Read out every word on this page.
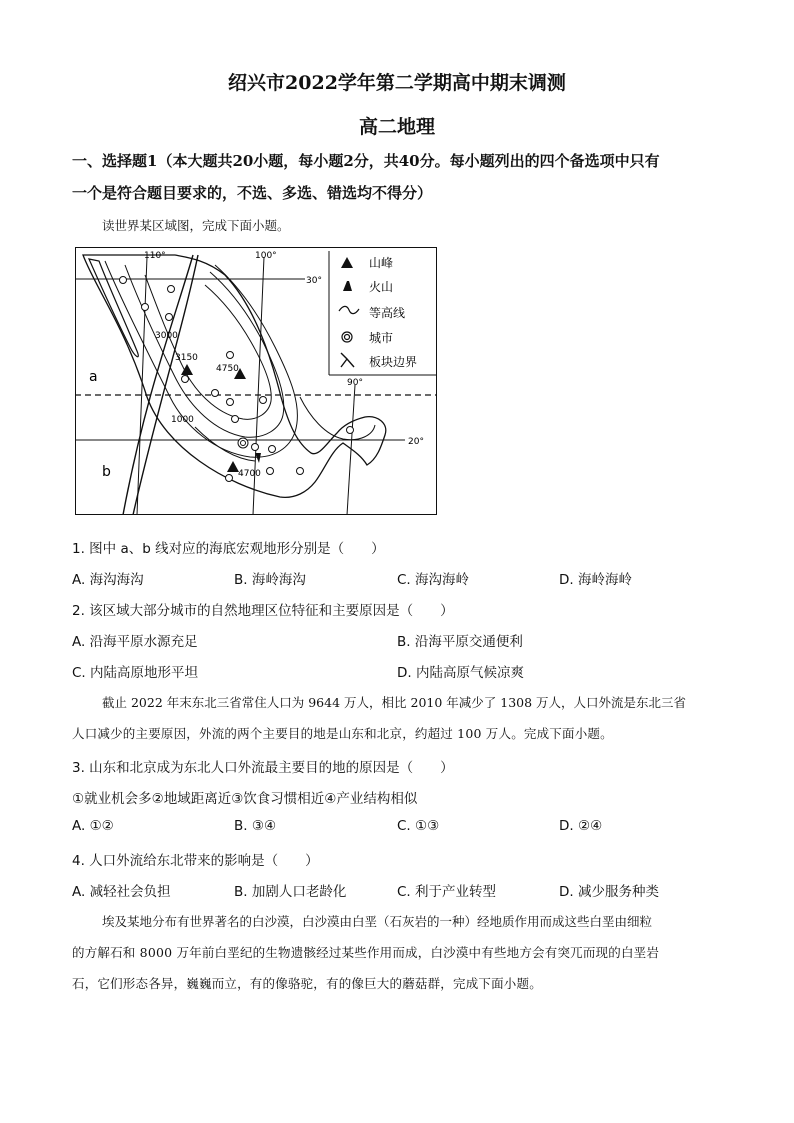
绍兴市2022学年第二学期高中期末调测
高二地理
一、选择题1（本大题共20小题，每小题2分，共40分。每小题列出的四个备选项中只有
一个是符合题目要求的，不选、多选、错选均不得分）
读世界某区域图，完成下面小题。
3000
1000
110°	100°
90°
30°
20°
3150
4750
4700
a
b
山峰
火山
等高线
城市
板块边界
1. 图中 a、b 线对应的海底宏观地形分别是（　　）
A. 海沟海沟	B. 海岭海沟	C. 海沟海岭	D. 海岭海岭
2. 该区域大部分城市的自然地理区位特征和主要原因是（　　）
A. 沿海平原水源充足	B. 沿海平原交通便利
C. 内陆高原地形平坦	D. 内陆高原气候凉爽
截止 2022 年末东北三省常住人口为 9644 万人，相比 2010 年减少了 1308 万人，人口外流是东北三省
人口减少的主要原因，外流的两个主要目的地是山东和北京，约超过 100 万人。完成下面小题。
3. 山东和北京成为东北人口外流最主要目的地的原因是（　　）
①就业机会多②地域距离近③饮食习惯相近④产业结构相似
A. ①②	B. ③④	C. ①③	D. ②④
4. 人口外流给东北带来的影响是（　　）
A. 减轻社会负担	B. 加剧人口老龄化	C. 利于产业转型	D. 减少服务种类
埃及某地分布有世界著名的白沙漠，白沙漠由白垩（石灰岩的一种）经地质作用而成这些白垩由细粒
的方解石和 8000 万年前白垩纪的生物遗骸经过某些作用而成，白沙漠中有些地方会有突兀而现的白垩岩
石，它们形态各异，巍巍而立，有的像骆驼，有的像巨大的蘑菇群，完成下面小题。
